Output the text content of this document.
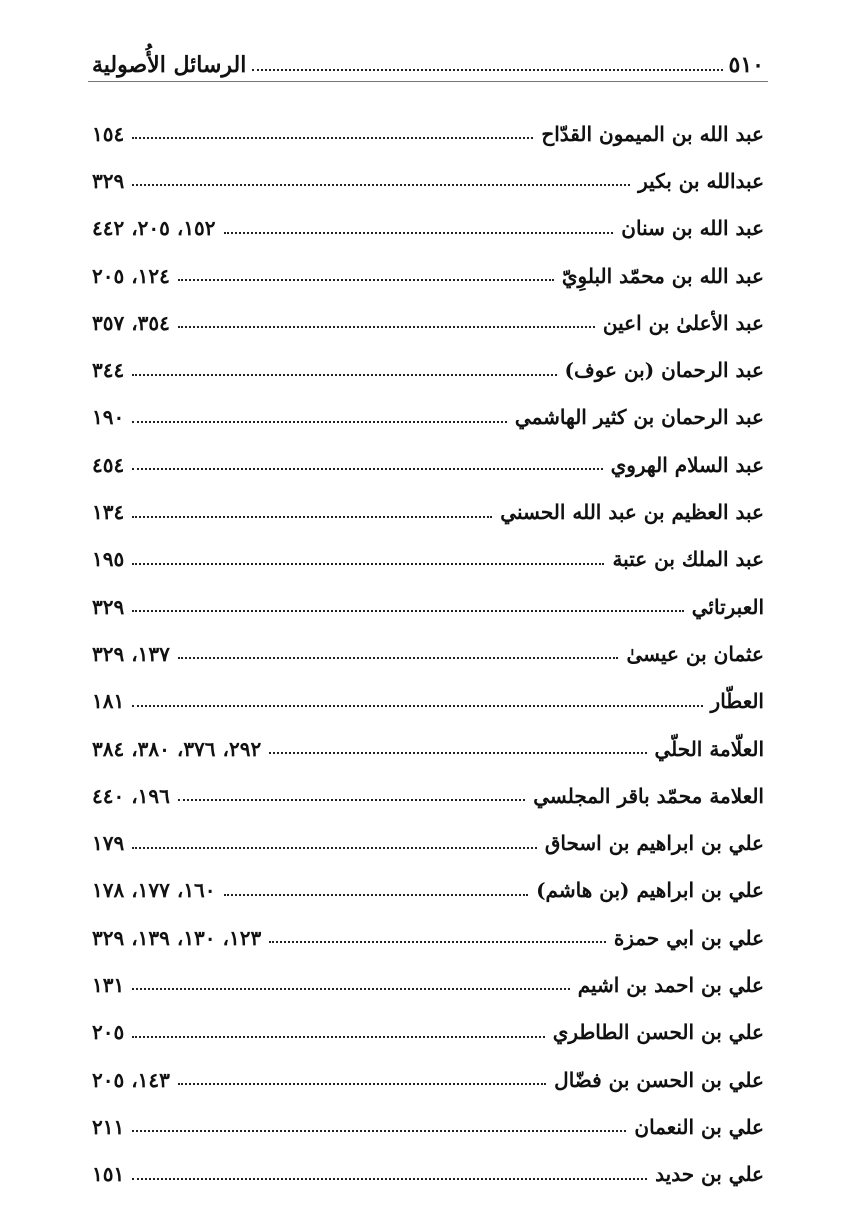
٥١٠
الرسائل الأُصولية
عبد الله بن الميمون القدّاح
١٥٤
عبدالله بن بكير
٣٢٩
عبد الله بن سنان
١٥٢، ٢٠٥، ٤٤٢
عبد الله بن محمّد البلوِيّ
١٢٤، ٢٠٥
عبد الأعلىٰ بن اعين
٣٥٤، ٣٥٧
عبد الرحمان (بن عوف)
٣٤٤
عبد الرحمان بن كثير الهاشمي
١٩٠
عبد السلام الهروي
٤٥٤
عبد العظيم بن عبد الله الحسني
١٣٤
عبد الملك بن عتبة
١٩٥
العبرتائي
٣٢٩
عثمان بن عيسىٰ
١٣٧، ٣٢٩
العطّار
١٨١
العلّامة الحلّي
٢٩٢، ٣٧٦، ٣٨٠، ٣٨٤
العلامة محمّد باقر المجلسي
١٩٦، ٤٤٠
علي بن ابراهيم بن اسحاق
١٧٩
علي بن ابراهيم (بن هاشم)
١٦٠، ١٧٧، ١٧٨
علي بن ابي حمزة
١٢٣، ١٣٠، ١٣٩، ٣٢٩
علي بن احمد بن اشيم
١٣١
علي بن الحسن الطاطري
٢٠٥
علي بن الحسن بن فضّال
١٤٣، ٢٠٥
علي بن النعمان
٢١١
علي بن حديد
١٥١
